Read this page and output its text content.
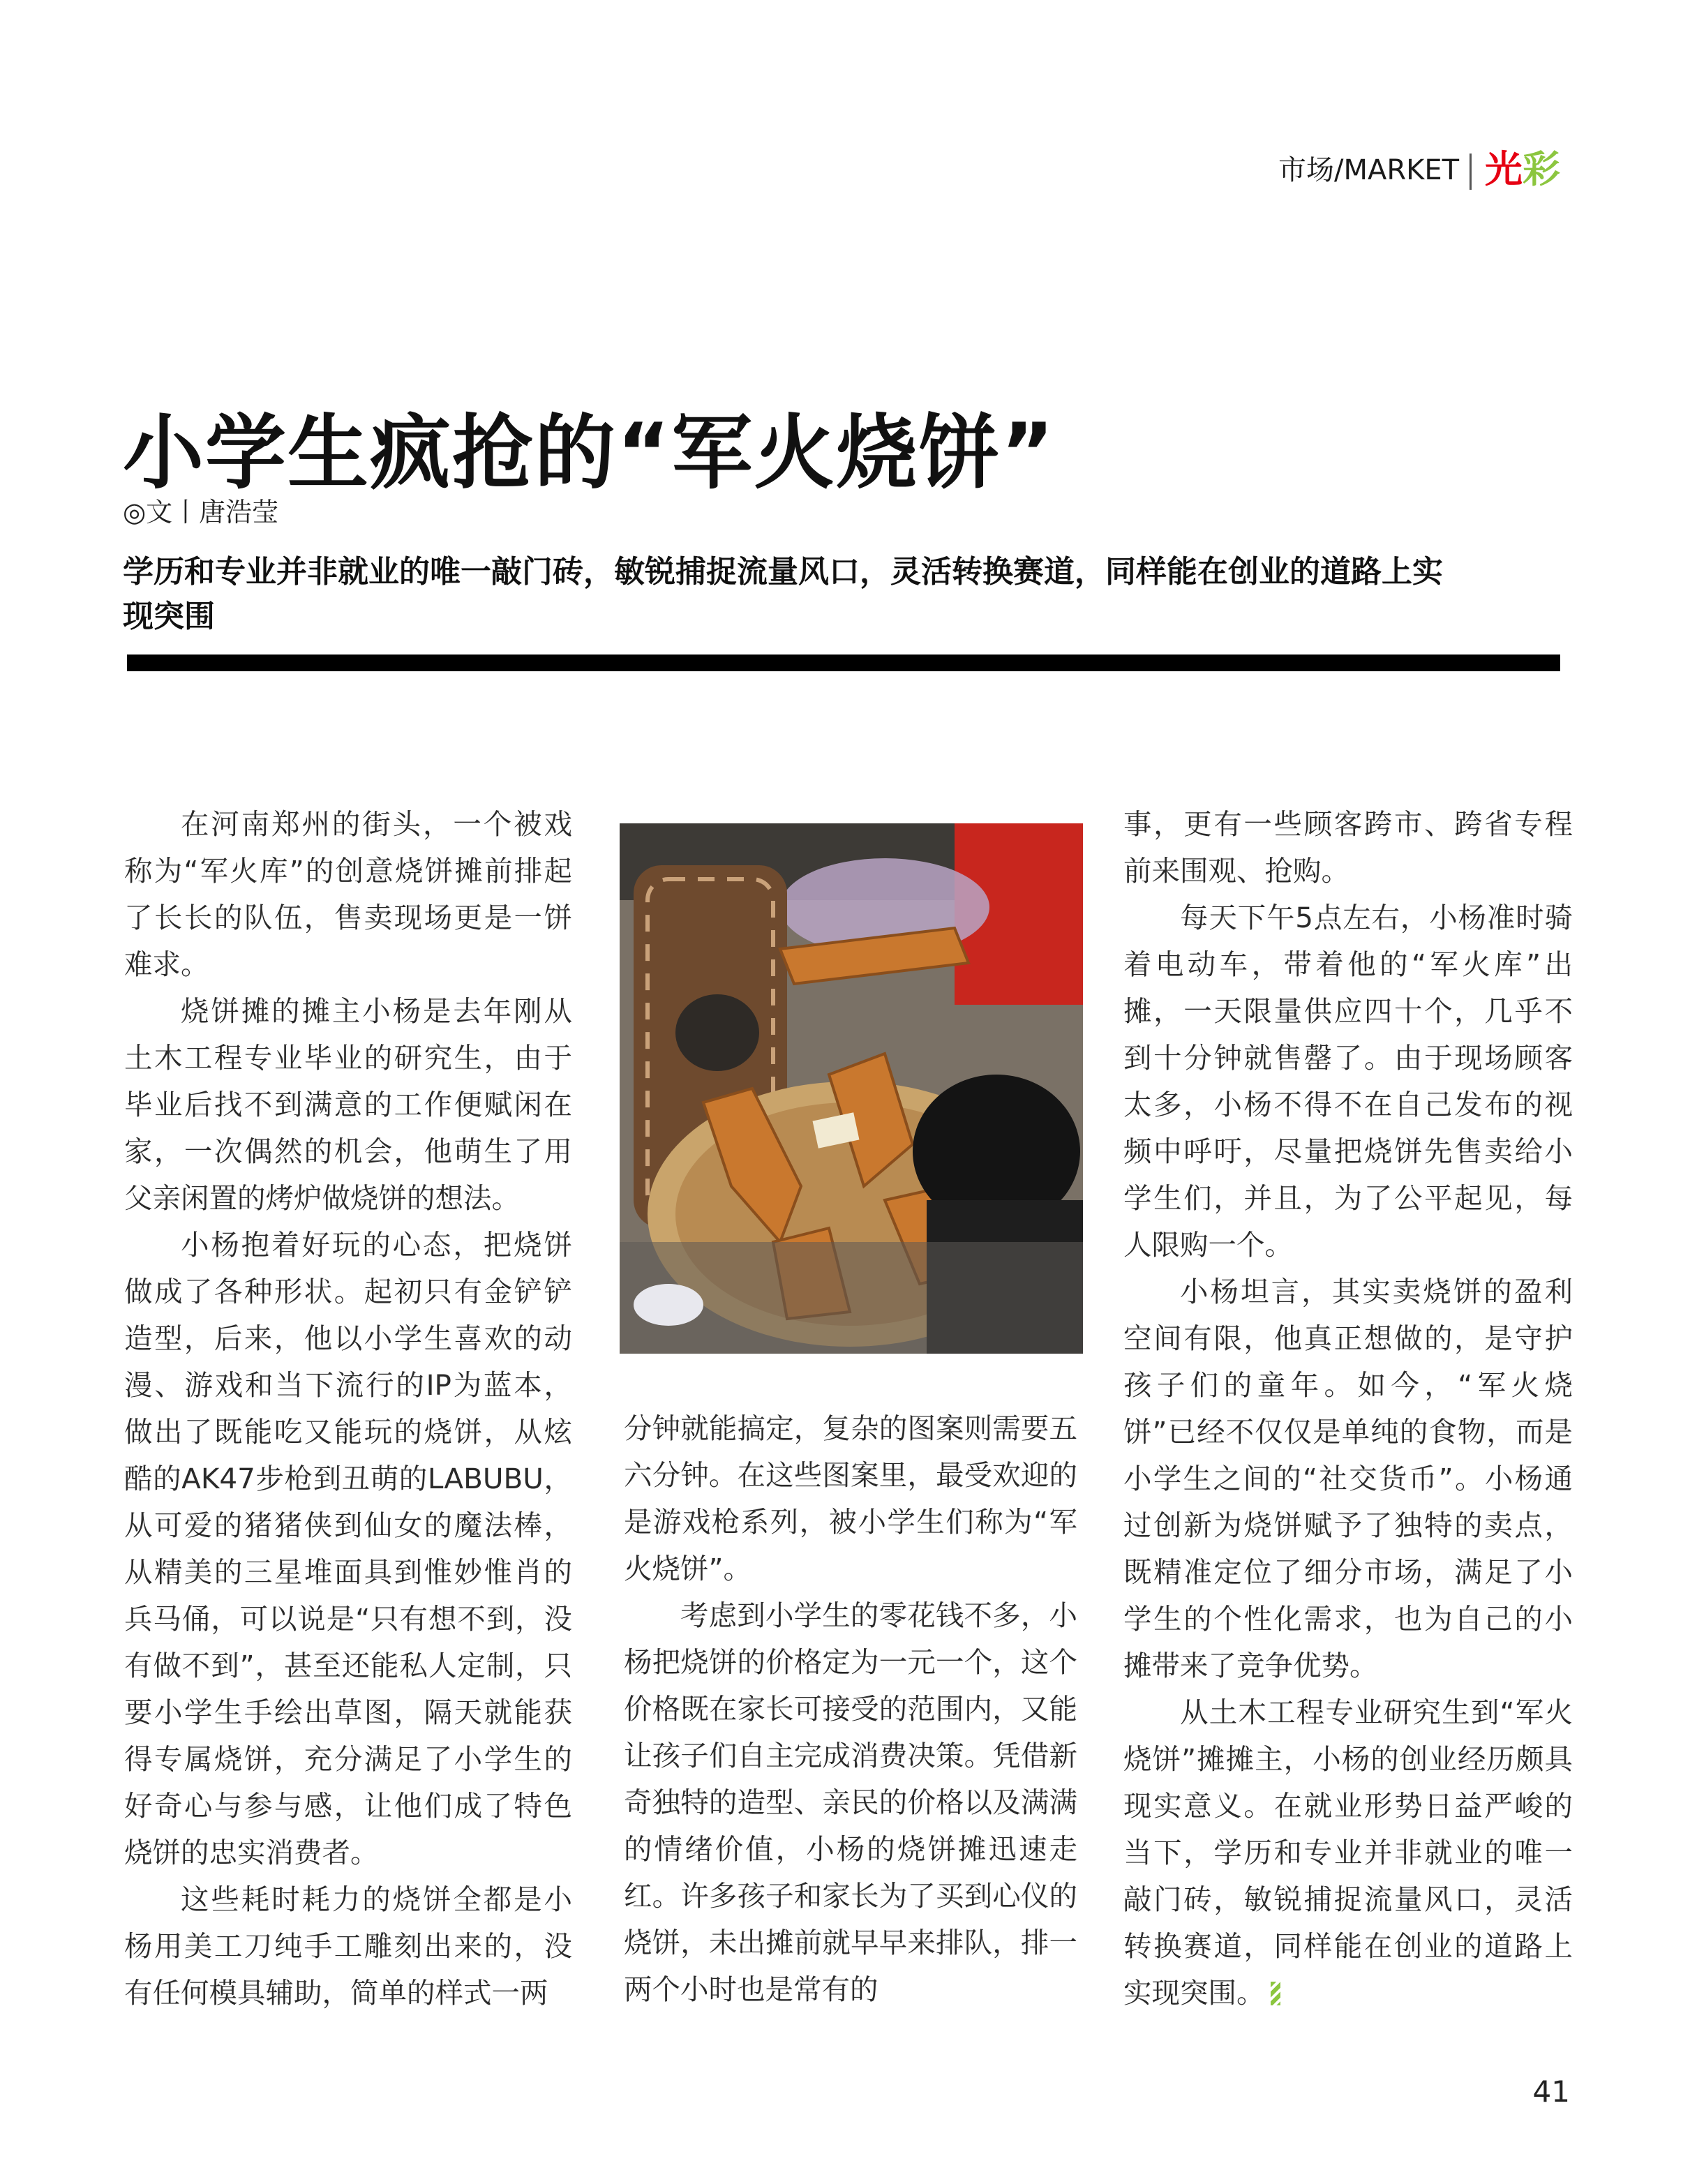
市场/MARKET 光彩
小学生疯抢的“军火烧饼”
◎文丨唐浩莹
学历和专业并非就业的唯一敲门砖，敏锐捕捉流量风口，灵活转换赛道，同样能在创业的道路上实现突围

在河南郑州的街头，一个被戏称为“军火库”的创意烧饼摊前排起了长长的队伍，售卖现场更是一饼难求。

烧饼摊的摊主小杨是去年刚从土木工程专业毕业的研究生，由于毕业后找不到满意的工作便赋闲在家，一次偶然的机会，他萌生了用父亲闲置的烤炉做烧饼的想法。

小杨抱着好玩的心态，把烧饼做成了各种形状。起初只有金铲铲造型，后来，他以小学生喜欢的动漫、游戏和当下流行的IP为蓝本，做出了既能吃又能玩的烧饼，从炫酷的AK47步枪到丑萌的LABUBU，从可爱的猪猪侠到仙女的魔法棒，从精美的三星堆面具到惟妙惟肖的兵马俑，可以说是“只有想不到，没有做不到”，甚至还能私人定制，只要小学生手绘出草图，隔天就能获得专属烧饼，充分满足了小学生的好奇心与参与感，让他们成了特色烧饼的忠实消费者。

这些耗时耗力的烧饼全都是小杨用美工刀纯手工雕刻出来的，没有任何模具辅助，简单的样式一两

分钟就能搞定，复杂的图案则需要五六分钟。在这些图案里，最受欢迎的是游戏枪系列，被小学生们称为“军火烧饼”。

考虑到小学生的零花钱不多，小杨把烧饼的价格定为一元一个，这个价格既在家长可接受的范围内，又能让孩子们自主完成消费决策。凭借新奇独特的造型、亲民的价格以及满满的情绪价值，小杨的烧饼摊迅速走红。许多孩子和家长为了买到心仪的烧饼，未出摊前就早早来排队，排一两个小时也是常有的

事，更有一些顾客跨市、跨省专程前来围观、抢购。

每天下午5点左右，小杨准时骑着电动车，带着他的“军火库”出摊，一天限量供应四十个，几乎不到十分钟就售罄了。由于现场顾客太多，小杨不得不在自己发布的视频中呼吁，尽量把烧饼先售卖给小学生们，并且，为了公平起见，每人限购一个。

小杨坦言，其实卖烧饼的盈利空间有限，他真正想做的，是守护孩子们的童年。如今，“军火烧饼”已经不仅仅是单纯的食物，而是小学生之间的“社交货币”。小杨通过创新为烧饼赋予了独特的卖点，既精准定位了细分市场，满足了小学生的个性化需求，也为自己的小摊带来了竞争优势。

从土木工程专业研究生到“军火烧饼”摊摊主，小杨的创业经历颇具现实意义。在就业形势日益严峻的当下，学历和专业并非就业的唯一敲门砖，敏锐捕捉流量风口，灵活转换赛道，同样能在创业的道路上实现突围。

41
